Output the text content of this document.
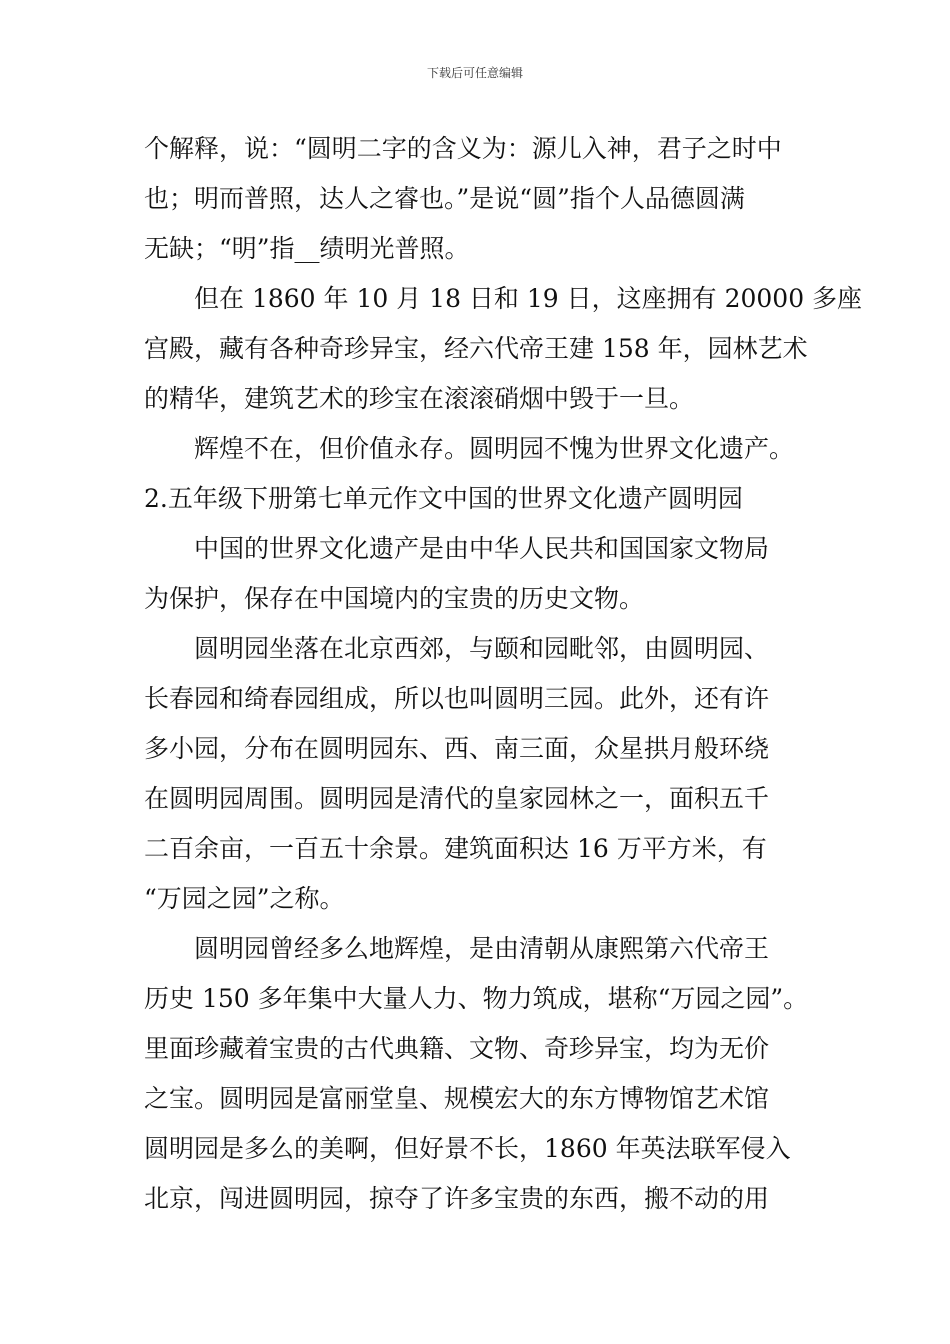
下载后可任意编辑
个解释，说：“圆明二字的含义为：源儿入神，君子之时中
也；明而普照，达人之睿也。”是说“圆”指个人品德圆满
无缺；“明”指__绩明光普照。
但在 1860 年 10 月 18 日和 19 日，这座拥有 20000 多座
宫殿，藏有各种奇珍异宝，经六代帝王建 158 年，园林艺术
的精华，建筑艺术的珍宝在滚滚硝烟中毁于一旦。
辉煌不在，但价值永存。圆明园不愧为世界文化遗产。
2.五年级下册第七单元作文中国的世界文化遗产圆明园
中国的世界文化遗产是由中华人民共和国国家文物局
为保护，保存在中国境内的宝贵的历史文物。
圆明园坐落在北京西郊，与颐和园毗邻，由圆明园、
长春园和绮春园组成，所以也叫圆明三园。此外，还有许
多小园，分布在圆明园东、西、南三面，众星拱月般环绕
在圆明园周围。圆明园是清代的皇家园林之一，面积五千
二百余亩，一百五十余景。建筑面积达 16 万平方米，有
“万园之园”之称。
圆明园曾经多么地辉煌，是由清朝从康熙第六代帝王
历史 150 多年集中大量人力、物力筑成，堪称“万园之园”。
里面珍藏着宝贵的古代典籍、文物、奇珍异宝，均为无价
之宝。圆明园是富丽堂皇、规模宏大的东方博物馆艺术馆
圆明园是多么的美啊，但好景不长，1860 年英法联军侵入
北京，闯进圆明园，掠夺了许多宝贵的东西，搬不动的用
